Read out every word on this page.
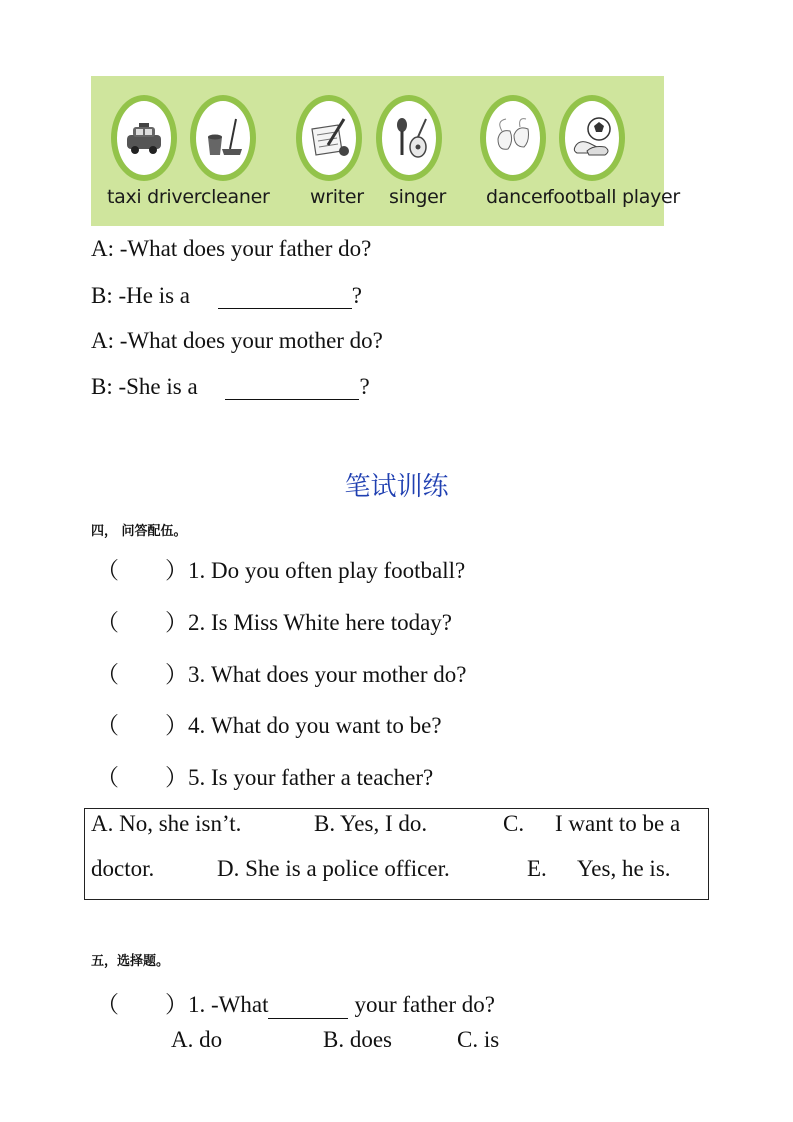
taxi driver cleaner writer singer dancer
football player
A: -What does your father do?
B: -He is a	?
A: -What does your mother do?
B: -She is a	?
笔试训练
四， 问答配伍。
（　　）1. Do you often play football?
（　　）2. Is Miss White here today?
（　　）3. What does your mother do?
（　　）4. What do you want to be?
（　　）5. Is your father a teacher?
A. No, she isn’t.	B. Yes, I do.	C. I want to be a
doctor.	D. She is a police officer.	E. Yes, he is.
五，选择题。
（　　）1. -What	your father do?
A. do	B. does	C. is
